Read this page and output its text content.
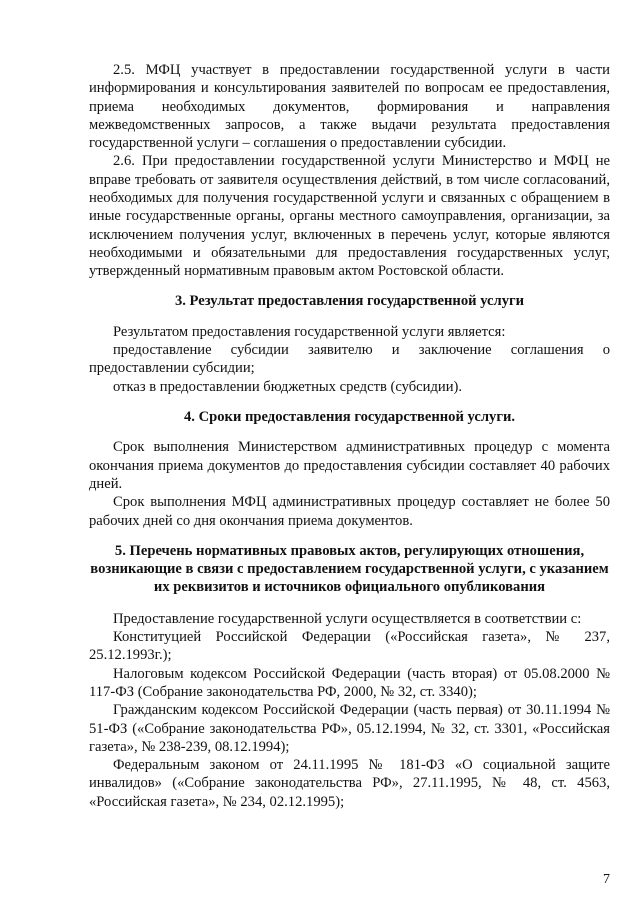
2.5. МФЦ участвует в предоставлении государственной услуги в части информирования и консультирования заявителей по вопросам ее предоставления, приема необходимых документов, формирования и направления межведомственных запросов, а также выдачи результата предоставления государственной услуги – соглашения о предоставлении субсидии.

2.6. При предоставлении государственной услуги Министерство и МФЦ не вправе требовать от заявителя осуществления действий, в том числе согласований, необходимых для получения государственной услуги и связанных с обращением в иные государственные органы, органы местного самоуправления, организации, за исключением получения услуг, включенных в перечень услуг, которые являются необходимыми и обязательными для предоставления государственных услуг, утвержденный нормативным правовым актом Ростовской области.

3. Результат предоставления государственной услуги

Результатом предоставления государственной услуги является:

предоставление субсидии заявителю и заключение соглашения о предоставлении субсидии;

отказ в предоставлении бюджетных средств (субсидии).

4. Сроки предоставления государственной услуги.

Срок выполнения Министерством административных процедур с момента окончания приема документов до предоставления субсидии составляет 40 рабочих дней.

Срок выполнения МФЦ административных процедур составляет не более 50 рабочих дней со дня окончания приема документов.

5. Перечень нормативных правовых актов, регулирующих отношения, возникающие в связи с предоставлением государственной услуги, с указанием их реквизитов и источников официального опубликования

Предоставление государственной услуги осуществляется в соответствии с:

Конституцией Российской Федерации («Российская газета», № 237, 25.12.1993г.);

Налоговым кодексом Российской Федерации (часть вторая) от 05.08.2000 № 117-ФЗ (Собрание законодательства РФ, 2000, № 32, ст. 3340);

Гражданским кодексом Российской Федерации (часть первая) от 30.11.1994 № 51-ФЗ («Собрание законодательства РФ», 05.12.1994, № 32, ст. 3301, «Российская газета», № 238-239, 08.12.1994);

Федеральным законом от 24.11.1995 № 181-ФЗ «О социальной защите инвалидов» («Собрание законодательства РФ», 27.11.1995, № 48, ст. 4563, «Российская газета», № 234, 02.12.1995);

7
